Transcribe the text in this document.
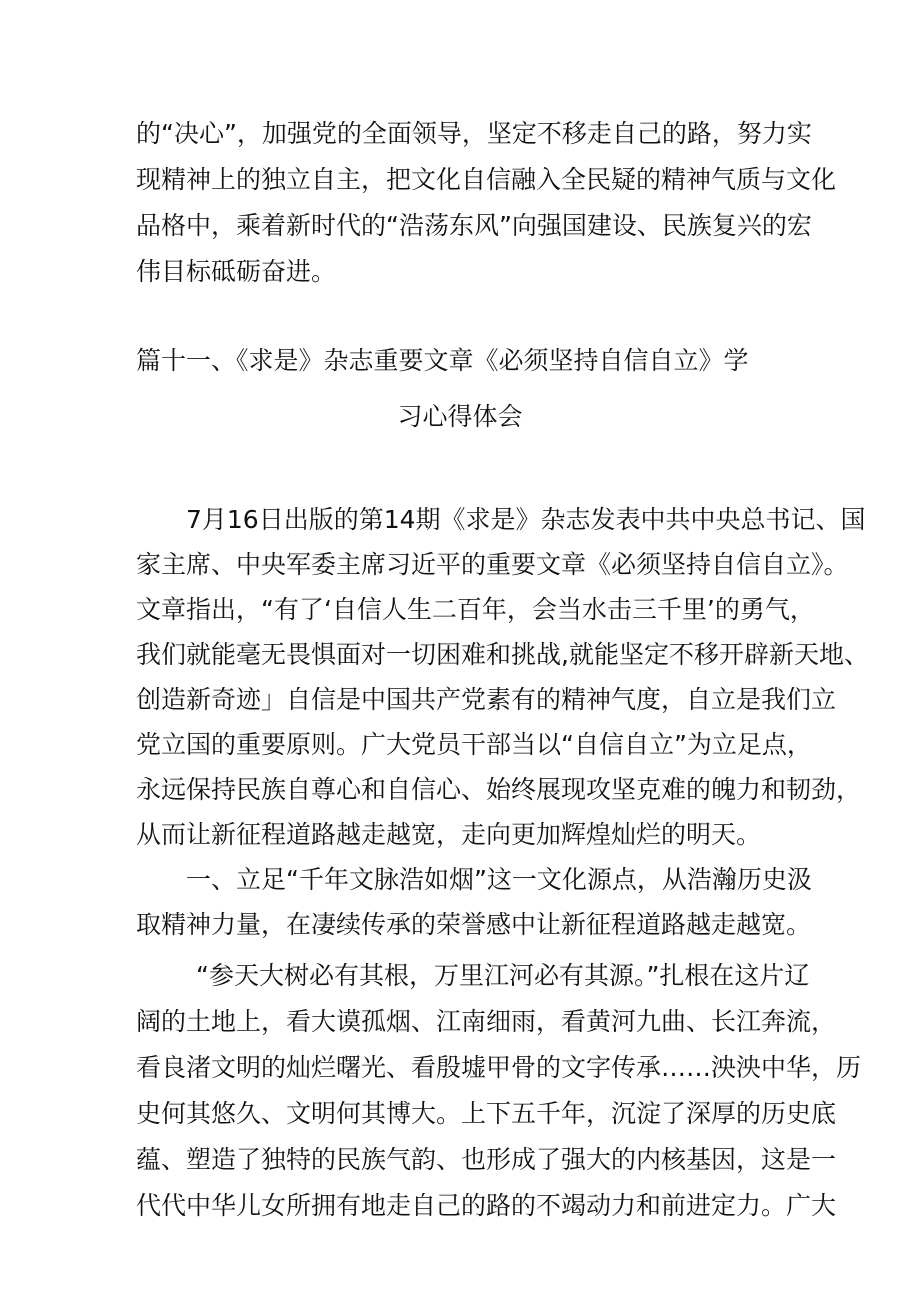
的“决心”，加强党的全面领导，坚定不移走自己的路，努力实
现精神上的独立自主，把文化自信融入全民疑的精神气质与文化
品格中，乘着新时代的“浩荡东风”向强国建设、民族复兴的宏
伟目标砥砺奋进。
篇十一、《求是》杂志重要文章《必须坚持自信自立》学
习心得体会
7月16日出版的第14期《求是》杂志发表中共中央总书记、国
家主席、中央军委主席习近平的重要文章《必须坚持自信自立》。
文章指出，“有了‘自信人生二百年，会当水击三千里’的勇气，
我们就能毫无畏惧面对一切困难和挑战,就能坚定不移开辟新天地、
创造新奇迹」自信是中国共产党素有的精神气度，自立是我们立
党立国的重要原则。广大党员干部当以“自信自立”为立足点，
永远保持民族自尊心和自信心、始终展现攻坚克难的魄力和韧劲，
从而让新征程道路越走越宽，走向更加辉煌灿烂的明天。
一、立足“千年文脉浩如烟”这一文化源点，从浩瀚历史汲
取精神力量，在凄续传承的荣誉感中让新征程道路越走越宽。
“参天大树必有其根，万里江河必有其源。”扎根在这片辽
阔的土地上，看大谟孤烟、江南细雨，看黄河九曲、长江奔流，
看良渚文明的灿烂曙光、看殷墟甲骨的文字传承……泱泱中华，历
史何其悠久、文明何其博大。上下五千年，沉淀了深厚的历史底
蕴、塑造了独特的民族气韵、也形成了强大的内核基因，这是一
代代中华儿女所拥有地走自己的路的不竭动力和前进定力。广大
